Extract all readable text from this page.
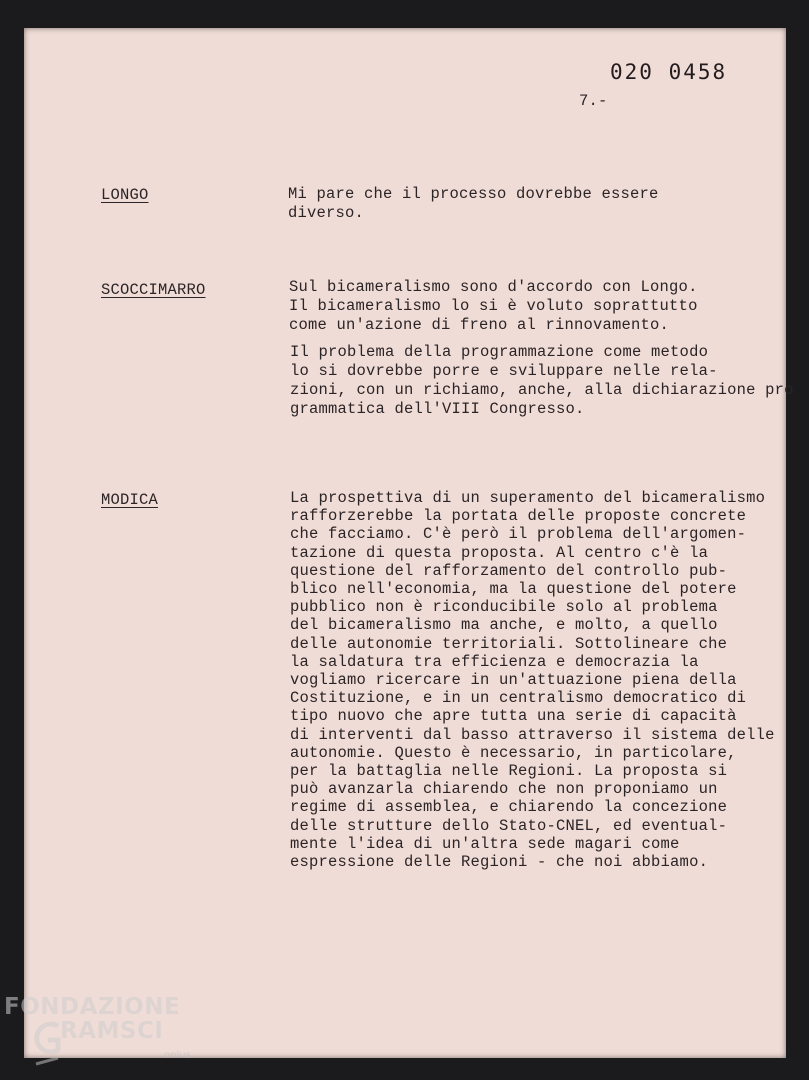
020 0458
7.-
LONGO	Mi pare che il processo dovrebbe essere
diverso.
SCOCCIMARRO	Sul bicameralismo sono d'accordo con Longo.
Il bicameralismo lo si è voluto soprattutto
come un'azione di freno al rinnovamento.
Il problema della programmazione come metodo
lo si dovrebbe porre e sviluppare nelle rela-
zioni, con un richiamo, anche, alla dichiarazione pro
grammatica dell'VIII Congresso.
MODICA	La prospettiva di un superamento del bicameralismo
rafforzerebbe la portata delle proposte concrete
che facciamo. C'è però il problema dell'argomen-
tazione di questa proposta. Al centro c'è la
questione del rafforzamento del controllo pub-
blico nell'economia, ma la questione del potere
pubblico non è riconducibile solo al problema
del bicameralismo ma anche, e molto, a quello
delle autonomie territoriali. Sottolineare che
la saldatura tra efficienza e democrazia la
vogliamo ricercare in un'attuazione piena della
Costituzione, e in un centralismo democratico di
tipo nuovo che apre tutta una serie di capacità
di interventi dal basso attraverso il sistema delle
autonomie. Questo è necessario, in particolare,
per la battaglia nelle Regioni. La proposta si
può avanzarla chiarendo che non proponiamo un
regime di assemblea, e chiarendo la concezione
delle strutture dello Stato-CNEL, ed eventual-
mente l'idea di un'altra sede magari come
espressione delle Regioni - che noi abbiamo.
FONDAZIONE
RAMSCI
onlus
